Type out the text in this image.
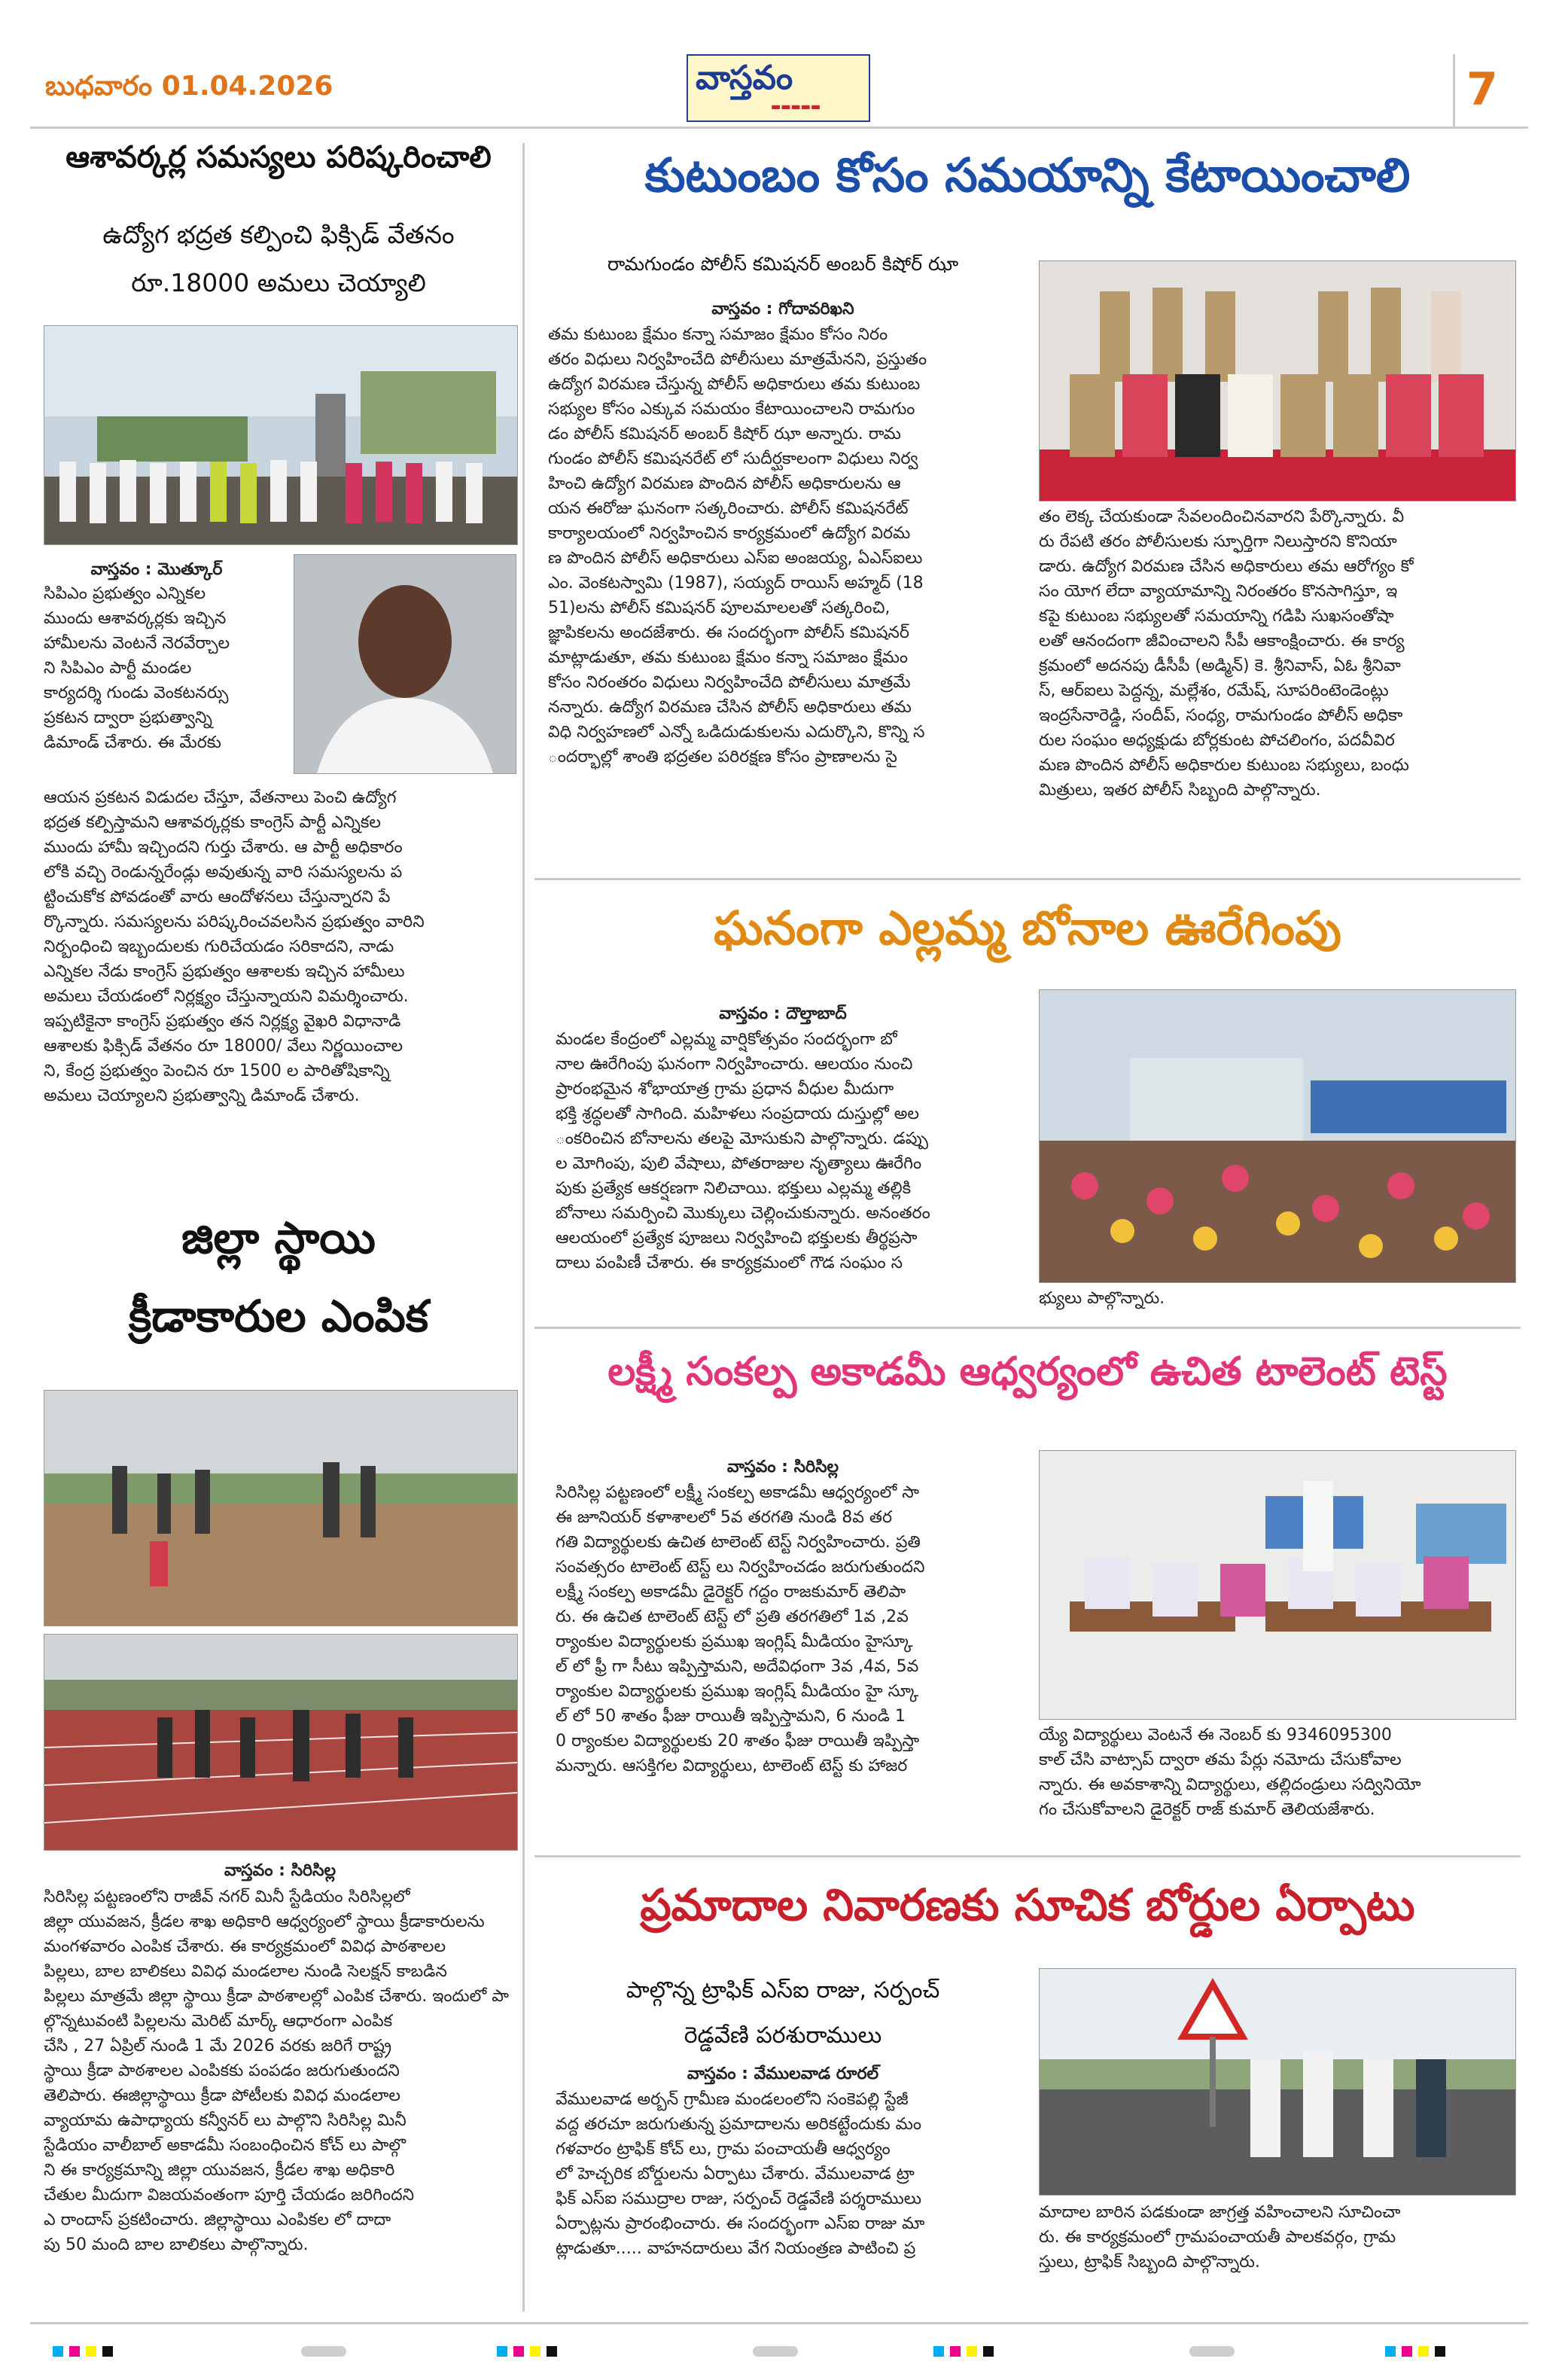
బుధవారం 01.04.2026	వాస్తవం
▬▬▬▬▬	7
ఆశావర్కర్ల సమస్యలు పరిష్కరించాలి
ఉద్యోగ భద్రత కల్పించి ఫిక్సిడ్ వేతనం
రూ.18000 అమలు చెయ్యాలి
వాస్తవం : మొత్కూర్
సిపిఎం ప్రభుత్వం ఎన్నికల
ముందు ఆశావర్కర్లకు ఇచ్చిన
హామీలను వెంటనే నెరవేర్చాల
ని సిపిఎం పార్టీ మండల
కార్యదర్శి గుండు వెంకటనర్సు
ప్రకటన ద్వారా ప్రభుత్వాన్ని
డిమాండ్ చేశారు. ఈ మేరకు
ఆయన ప్రకటన విడుదల చేస్తూ, వేతనాలు పెంచి ఉద్యోగ
భద్రత కల్పిస్తామని ఆశావర్కర్లకు కాంగ్రెస్ పార్టీ ఎన్నికల
ముందు హామీ ఇచ్చిందని గుర్తు చేశారు. ఆ పార్టీ అధికారం
లోకి వచ్చి రెండున్నరేండ్లు అవుతున్న వారి సమస్యలను ప
ట్టించుకోక పోవడంతో వారు ఆందోళనలు చేస్తున్నారని పే
ర్కొన్నారు. సమస్యలను పరిష్కరించవలసిన ప్రభుత్వం వారిని
నిర్బంధించి ఇబ్బందులకు గురిచేయడం సరికాదని, నాడు
ఎన్నికల నేడు కాంగ్రెస్ ప్రభుత్వం ఆశాలకు ఇచ్చిన హామీలు
అమలు చేయడంలో నిర్లక్ష్యం చేస్తున్నాయని విమర్శించారు.
ఇప్పటికైనా కాంగ్రెస్ ప్రభుత్వం తన నిర్లక్ష్య వైఖరి విధానాడి
ఆశాలకు ఫిక్సిడ్ వేతనం రూ 18000/ వేలు నిర్ణయించాల
ని, కేంద్ర ప్రభుత్వం పెంచిన రూ 1500 ల పారితోషికాన్ని
అమలు చెయ్యాలని ప్రభుత్వాన్ని డిమాండ్ చేశారు.
జిల్లా స్థాయి
క్రీడాకారుల ఎంపిక
వాస్తవం : సిరిసిల్ల
సిరిసిల్ల పట్టణంలోని రాజీవ్ నగర్ మినీ స్టేడియం సిరిసిల్లలో
జిల్లా యువజన, క్రీడల శాఖ అధికారి ఆధ్వర్యంలో స్థాయి క్రీడాకారులను
మంగళవారం ఎంపిక చేశారు. ఈ కార్యక్రమంలో వివిధ పాఠశాలల
పిల్లలు, బాల బాలికలు వివిధ మండలాల నుండి సెలక్షన్ కాబడిన
పిల్లలు మాత్రమే జిల్లా స్థాయి క్రీడా పాఠశాలల్లో ఎంపిక చేశారు. ఇందులో పా
ల్గొన్నటువంటి పిల్లలను మెరిట్ మార్క్ ఆధారంగా ఎంపిక
చేసి , 27 ఏప్రిల్ నుండి 1 మే 2026 వరకు జరిగే రాష్ట్ర
స్థాయి క్రీడా పాఠశాలల ఎంపికకు పంపడం జరుగుతుందని
తెలిపారు. ఈజిల్లాస్థాయి క్రీడా పోటీలకు వివిధ మండలాల
వ్యాయామ ఉపాధ్యాయ కన్వీనర్ లు పాల్గొని సిరిసిల్ల మినీ
స్టేడియం వాలీబాల్ అకాడమీ సంబంధించిన కోచ్ లు పాల్గొ
ని ఈ కార్యక్రమాన్ని జిల్లా యువజన, క్రీడల శాఖ అధికారి
చేతుల మీదుగా విజయవంతంగా పూర్తి చేయడం జరిగిందని
ఎ రాందాస్ ప్రకటించారు. జిల్లాస్థాయి ఎంపికల లో దాదా
పు 50 మంది బాల బాలికలు పాల్గొన్నారు.
కుటుంబం కోసం సమయాన్ని కేటాయించాలి
రామగుండం పోలీస్ కమిషనర్ అంబర్ కిషోర్ ఝా
వాస్తవం : గోదావరిఖని
తమ కుటుంబ క్షేమం కన్నా సమాజం క్షేమం కోసం నిరం
తరం విధులు నిర్వహించేది పోలీసులు మాత్రమేనని, ప్రస్తుతం
ఉద్యోగ విరమణ చేస్తున్న పోలీస్ అధికారులు తమ కుటుంబ
సభ్యుల కోసం ఎక్కువ సమయం కేటాయించాలని రామగుం
డం పోలీస్ కమిషనర్ అంబర్ కిషోర్ ఝా అన్నారు. రామ
గుండం పోలీస్ కమిషనరేట్ లో సుదీర్ఘకాలంగా విధులు నిర్వ
హించి ఉద్యోగ విరమణ పొందిన పోలీస్ అధికారులను ఆ
యన ఈరోజు ఘనంగా సత్కరించారు. పోలీస్ కమిషనరేట్
కార్యాలయంలో నిర్వహించిన కార్యక్రమంలో ఉద్యోగ విరమ
ణ పొందిన పోలీస్ అధికారులు ఎస్ఐ అంజయ్య, ఏఎస్ఐలు
ఎం. వెంకటస్వామి (1987), సయ్యద్ రాయిస్ అహ్మద్ (18
51)లను పోలీస్ కమిషనర్ పూలమాలలతో సత్కరించి,
జ్ఞాపికలను అందజేశారు. ఈ సందర్భంగా పోలీస్ కమిషనర్
మాట్లాడుతూ, తమ కుటుంబ క్షేమం కన్నా సమాజం క్షేమం
కోసం నిరంతరం విధులు నిర్వహించేది పోలీసులు మాత్రమే
నన్నారు. ఉద్యోగ విరమణ చేసిన పోలీస్ అధికారులు తమ
విధి నిర్వహణలో ఎన్నో ఒడిదుడుకులను ఎదుర్కొని, కొన్ని స
ందర్భాల్లో శాంతి భద్రతల పరిరక్షణ కోసం ప్రాణాలను సై
తం లెక్క చేయకుండా సేవలందించినవారని పేర్కొన్నారు. వీ
రు రేపటి తరం పోలీసులకు స్ఫూర్తిగా నిలుస్తారని కొనియా
డారు. ఉద్యోగ విరమణ చేసిన అధికారులు తమ ఆరోగ్యం కో
సం యోగ లేదా వ్యాయామాన్ని నిరంతరం కొనసాగిస్తూ, ఇ
కపై కుటుంబ సభ్యులతో సమయాన్ని గడిపి సుఖసంతోషా
లతో ఆనందంగా జీవించాలని సీపీ ఆకాంక్షించారు. ఈ కార్య
క్రమంలో అదనపు డీసీపీ (అడ్మిన్) కె. శ్రీనివాస్, ఏఓ శ్రీనివా
స్, ఆర్ఐలు పెద్దన్న, మల్లేశం, రమేష్, సూపరింటెండెంట్లు
ఇంద్రసేనారెడ్డి, సందీప్, సంధ్య, రామగుండం పోలీస్ అధికా
రుల సంఘం అధ్యక్షుడు బోర్లకుంట పోచలింగం, పదవీవిర
మణ పొందిన పోలీస్ అధికారుల కుటుంబ సభ్యులు, బంధు
మిత్రులు, ఇతర పోలీస్ సిబ్బంది పాల్గొన్నారు.
ఘనంగా ఎల్లమ్మ బోనాల ఊరేగింపు
వాస్తవం : దౌల్తాబాద్
మండల కేంద్రంలో ఎల్లమ్మ వార్షికోత్సవం సందర్భంగా బో
నాల ఊరేగింపు ఘనంగా నిర్వహించారు. ఆలయం నుంచి
ప్రారంభమైన శోభాయాత్ర గ్రామ ప్రధాన వీధుల మీదుగా
భక్తి శ్రద్ధలతో సాగింది. మహిళలు సంప్రదాయ దుస్తుల్లో అల
ంకరించిన బోనాలను తలపై మోసుకుని పాల్గొన్నారు. డప్పు
ల మోగింపు, పులి వేషాలు, పోతరాజుల నృత్యాలు ఊరేగిం
పుకు ప్రత్యేక ఆకర్షణగా నిలిచాయి. భక్తులు ఎల్లమ్మ తల్లికి
బోనాలు సమర్పించి మొక్కులు చెల్లించుకున్నారు. అనంతరం
ఆలయంలో ప్రత్యేక పూజలు నిర్వహించి భక్తులకు తీర్థప్రసా
దాలు పంపిణీ చేశారు. ఈ కార్యక్రమంలో గౌడ సంఘం స
భ్యులు పాల్గొన్నారు.
లక్ష్మీ సంకల్ప అకాడమీ ఆధ్వర్యంలో ఉచిత టాలెంట్ టెస్ట్
వాస్తవం : సిరిసిల్ల
సిరిసిల్ల పట్టణంలో లక్ష్మీ సంకల్ప అకాడమీ ఆధ్వర్యంలో సా
ఈ జూనియర్ కళాశాలలో 5వ తరగతి నుండి 8వ తర
గతి విద్యార్థులకు ఉచిత టాలెంట్ టెస్ట్ నిర్వహించారు. ప్రతి
సంవత్సరం టాలెంట్ టెస్ట్ లు నిర్వహించడం జరుగుతుందని
లక్ష్మీ సంకల్ప అకాడమీ డైరెక్టర్ గద్దం రాజకుమార్ తెలిపా
రు. ఈ ఉచిత టాలెంట్ టెస్ట్ లో ప్రతి తరగతిలో 1వ ,2వ
ర్యాంకుల విద్యార్థులకు ప్రముఖ ఇంగ్లిష్ మీడియం హైస్కూ
ల్ లో ఫ్రీ గా సీటు ఇప్పిస్తామని, అదేవిధంగా 3వ ,4వ, 5వ
ర్యాంకుల విద్యార్థులకు ప్రముఖ ఇంగ్లిష్ మీడియం హై స్కూ
ల్ లో 50 శాతం ఫీజు రాయితీ ఇప్పిస్తామని, 6 నుండి 1
0 ర్యాంకుల విద్యార్థులకు 20 శాతం ఫీజు రాయితీ ఇప్పిస్తా
మన్నారు. ఆసక్తిగల విద్యార్థులు, టాలెంట్ టెస్ట్ కు హాజర
య్యే విద్యార్థులు వెంటనే ఈ నెంబర్ కు 9346095300
కాల్ చేసి వాట్సాప్ ద్వారా తమ పేర్లు నమోదు చేసుకోవాల
న్నారు. ఈ అవకాశాన్ని విద్యార్థులు, తల్లిదండ్రులు సద్వినియో
గం చేసుకోవాలని డైరెక్టర్ రాజ్ కుమార్ తెలియజేశారు.
ప్రమాదాల నివారణకు సూచిక బోర్డుల ఏర్పాటు
పాల్గొన్న ట్రాఫిక్ ఎస్ఐ రాజు, సర్పంచ్
రెడ్డవేణి పరశురాములు
వాస్తవం : వేములవాడ రూరల్
వేములవాడ అర్బన్ గ్రామీణ మండలంలోని సంకెపల్లి స్టేజీ
వద్ద తరచూ జరుగుతున్న ప్రమాదాలను అరికట్టేందుకు మం
గళవారం ట్రాఫిక్ కోచ్ లు, గ్రామ పంచాయతీ ఆధ్వర్యం
లో హెచ్చరిక బోర్డులను ఏర్పాటు చేశారు. వేములవాడ ట్రా
ఫిక్ ఎస్ఐ సముద్రాల రాజు, సర్పంచ్ రెడ్డవేణి పర్శరాములు
ఏర్పాట్లను ప్రారంభించారు. ఈ సందర్భంగా ఎస్ఐ రాజు మా
ట్లాడుతూ..... వాహనదారులు వేగ నియంత్రణ పాటించి ప్ర
మాదాల బారిన పడకుండా జాగ్రత్త వహించాలని సూచించా
రు. ఈ కార్యక్రమంలో గ్రామపంచాయతీ పాలకవర్గం, గ్రామ
స్తులు, ట్రాఫిక్ సిబ్బంది పాల్గొన్నారు.
